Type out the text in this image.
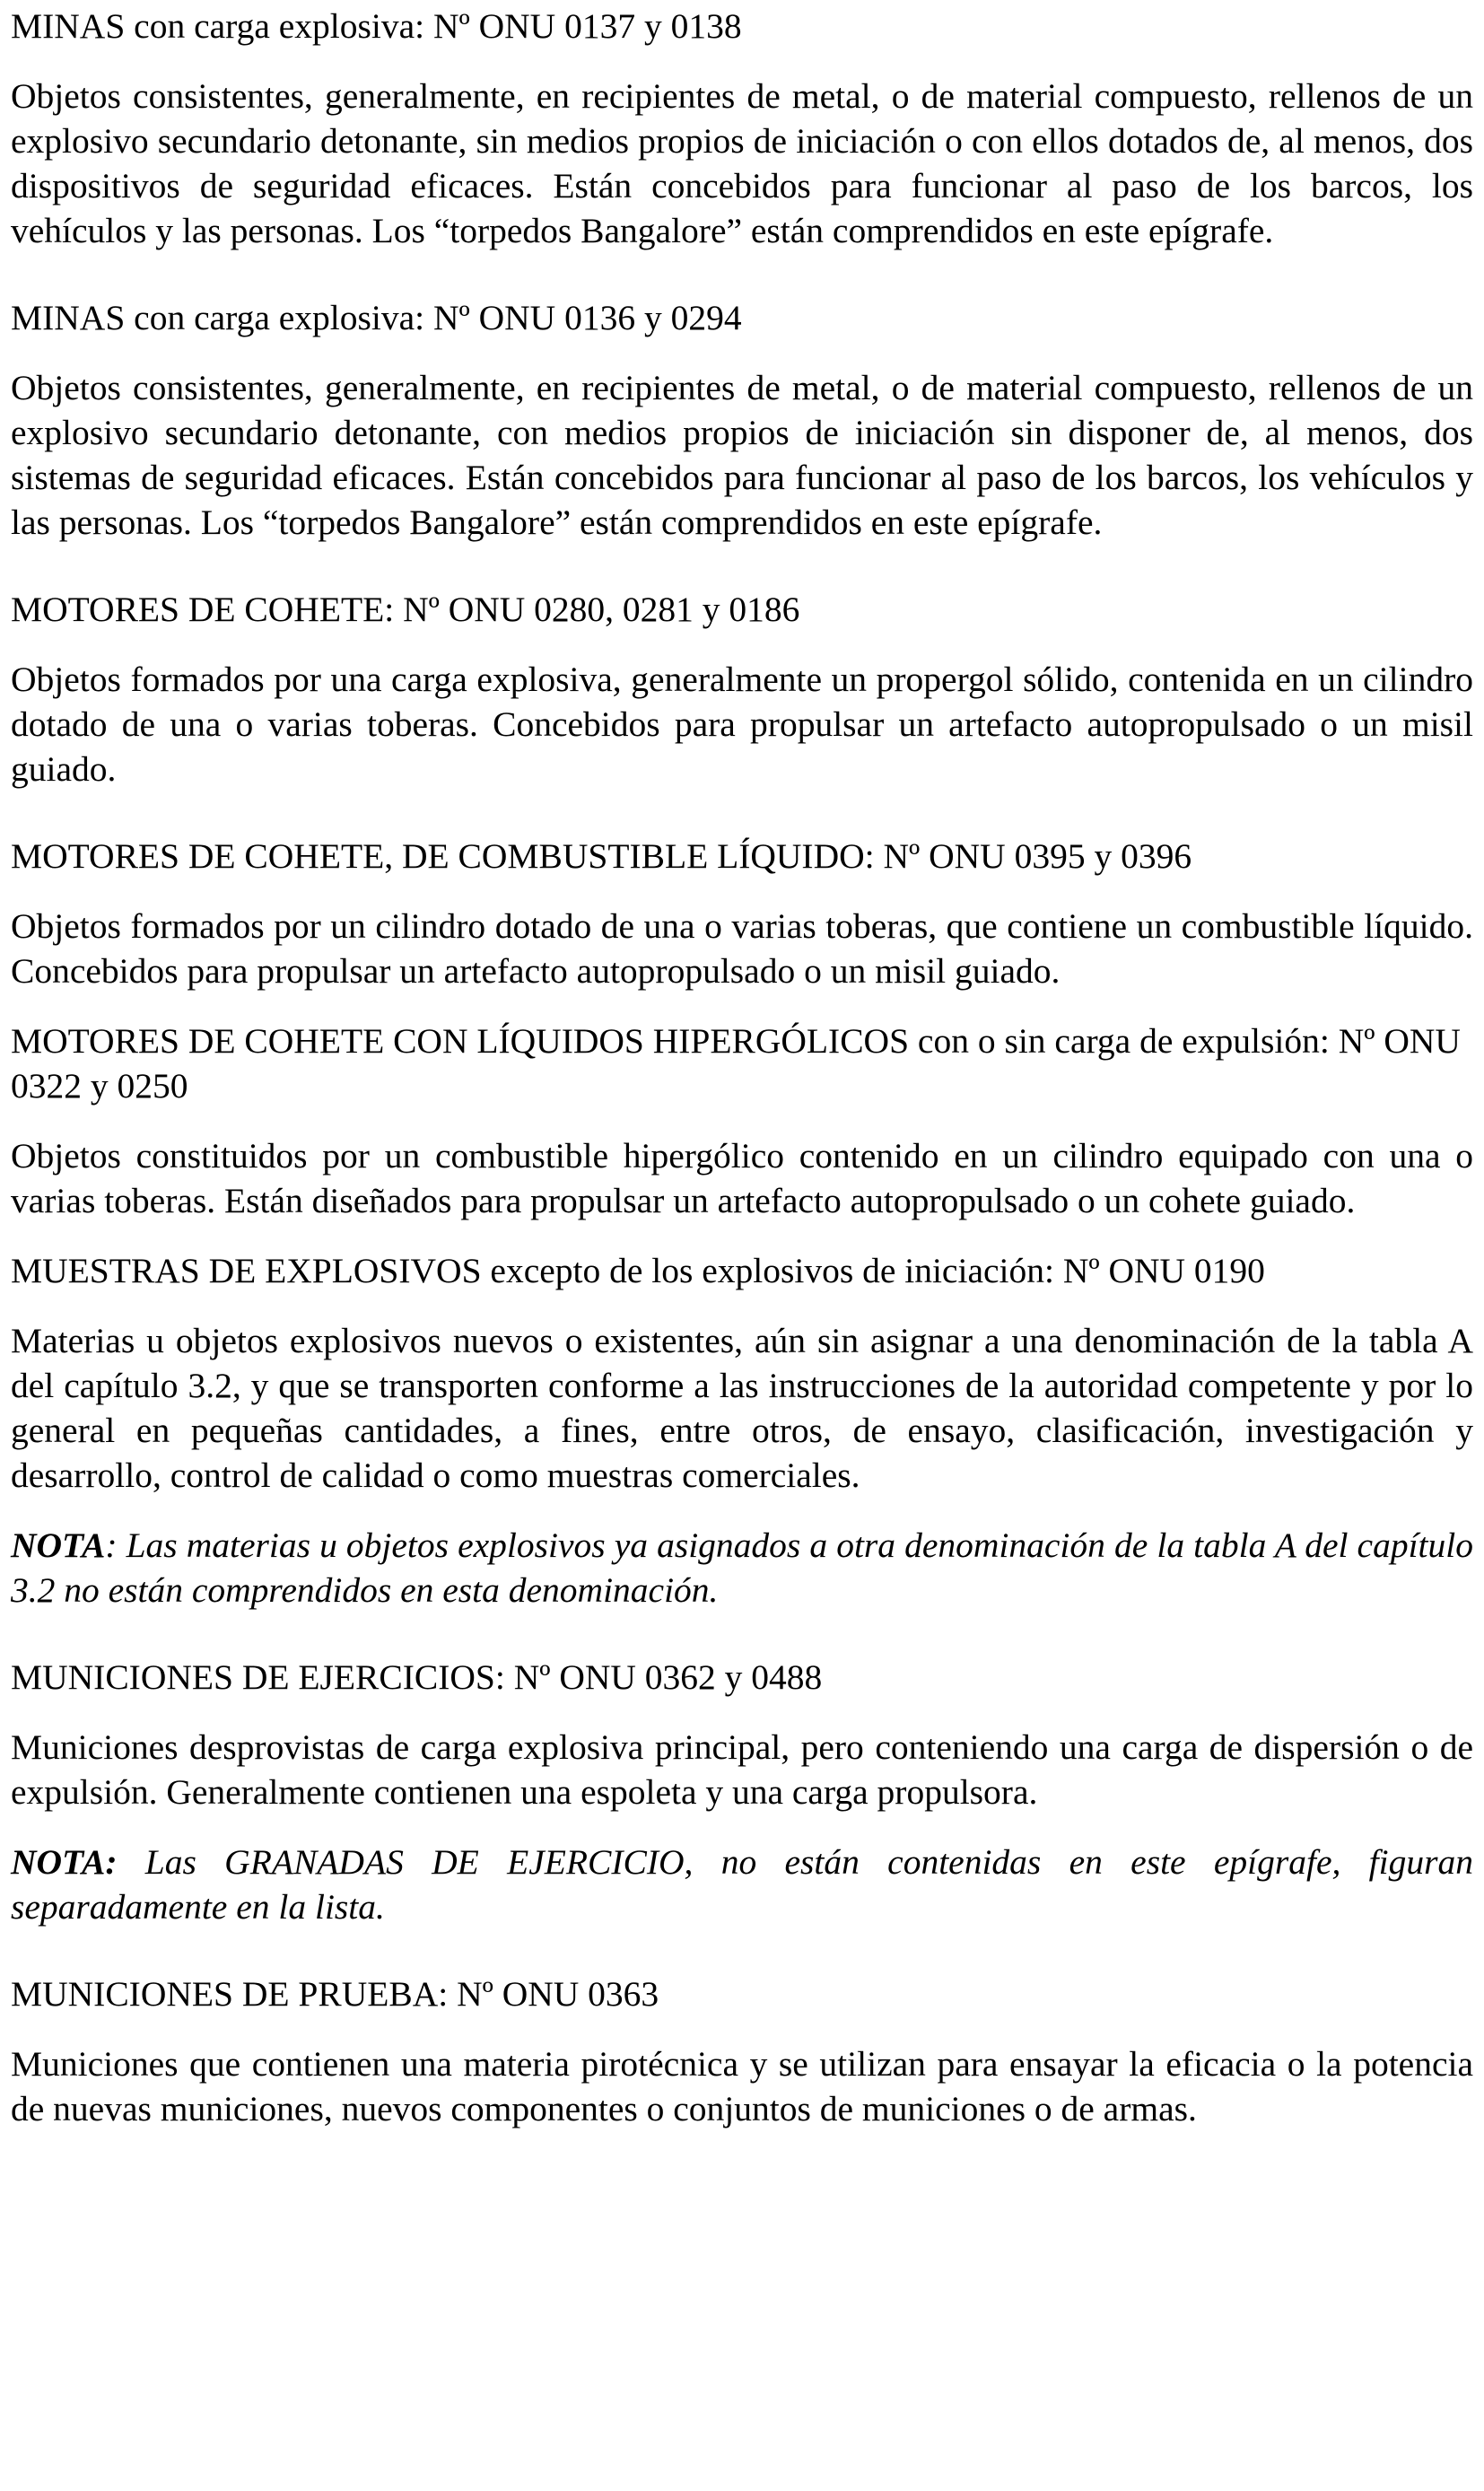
MINAS con carga explosiva: Nº ONU 0137 y 0138

Objetos consistentes, generalmente, en recipientes de metal, o de material compuesto, rellenos de un explosivo secundario detonante, sin medios propios de iniciación o con ellos dotados de, al menos, dos dispositivos de seguridad eficaces. Están concebidos para funcionar al paso de los barcos, los vehículos y las personas. Los “torpedos Bangalore” están comprendidos en este epígrafe.

MINAS con carga explosiva: Nº ONU 0136 y 0294

Objetos consistentes, generalmente, en recipientes de metal, o de material compuesto, rellenos de un explosivo secundario detonante, con medios propios de iniciación sin disponer de, al menos, dos sistemas de seguridad eficaces. Están concebidos para funcionar al paso de los barcos, los vehículos y las personas. Los “torpedos Bangalore” están comprendidos en este epígrafe.

MOTORES DE COHETE: Nº ONU 0280, 0281 y 0186

Objetos formados por una carga explosiva, generalmente un propergol sólido, contenida en un cilindro dotado de una o varias toberas. Concebidos para propulsar un artefacto autopropulsado o un misil guiado.

MOTORES DE COHETE, DE COMBUSTIBLE LÍQUIDO: Nº ONU 0395 y 0396

Objetos formados por un cilindro dotado de una o varias toberas, que contiene un combustible líquido. Concebidos para propulsar un artefacto autopropulsado o un misil guiado.

MOTORES DE COHETE CON LÍQUIDOS HIPERGÓLICOS con o sin carga de expulsión: Nº ONU 0322 y 0250

Objetos constituidos por un combustible hipergólico contenido en un cilindro equipado con una o varias toberas. Están diseñados para propulsar un artefacto autopropulsado o un cohete guiado.

MUESTRAS DE EXPLOSIVOS excepto de los explosivos de iniciación: Nº ONU 0190

Materias u objetos explosivos nuevos o existentes, aún sin asignar a una denominación de la tabla A del capítulo 3.2, y que se transporten conforme a las instrucciones de la autoridad competente y por lo general en pequeñas cantidades, a fines, entre otros, de ensayo, clasificación, investigación y desarrollo, control de calidad o como muestras comerciales.

NOTA: Las materias u objetos explosivos ya asignados a otra denominación de la tabla A del capítulo 3.2 no están comprendidos en esta denominación.

MUNICIONES DE EJERCICIOS: Nº ONU 0362 y 0488

Municiones desprovistas de carga explosiva principal, pero conteniendo una carga de dispersión o de expulsión. Generalmente contienen una espoleta y una carga propulsora.

NOTA: Las GRANADAS DE EJERCICIO, no están contenidas en este epígrafe, figuran separadamente en la lista.

MUNICIONES DE PRUEBA: Nº ONU 0363

Municiones que contienen una materia pirotécnica y se utilizan para ensayar la eficacia o la potencia de nuevas municiones, nuevos componentes o conjuntos de municiones o de armas.
